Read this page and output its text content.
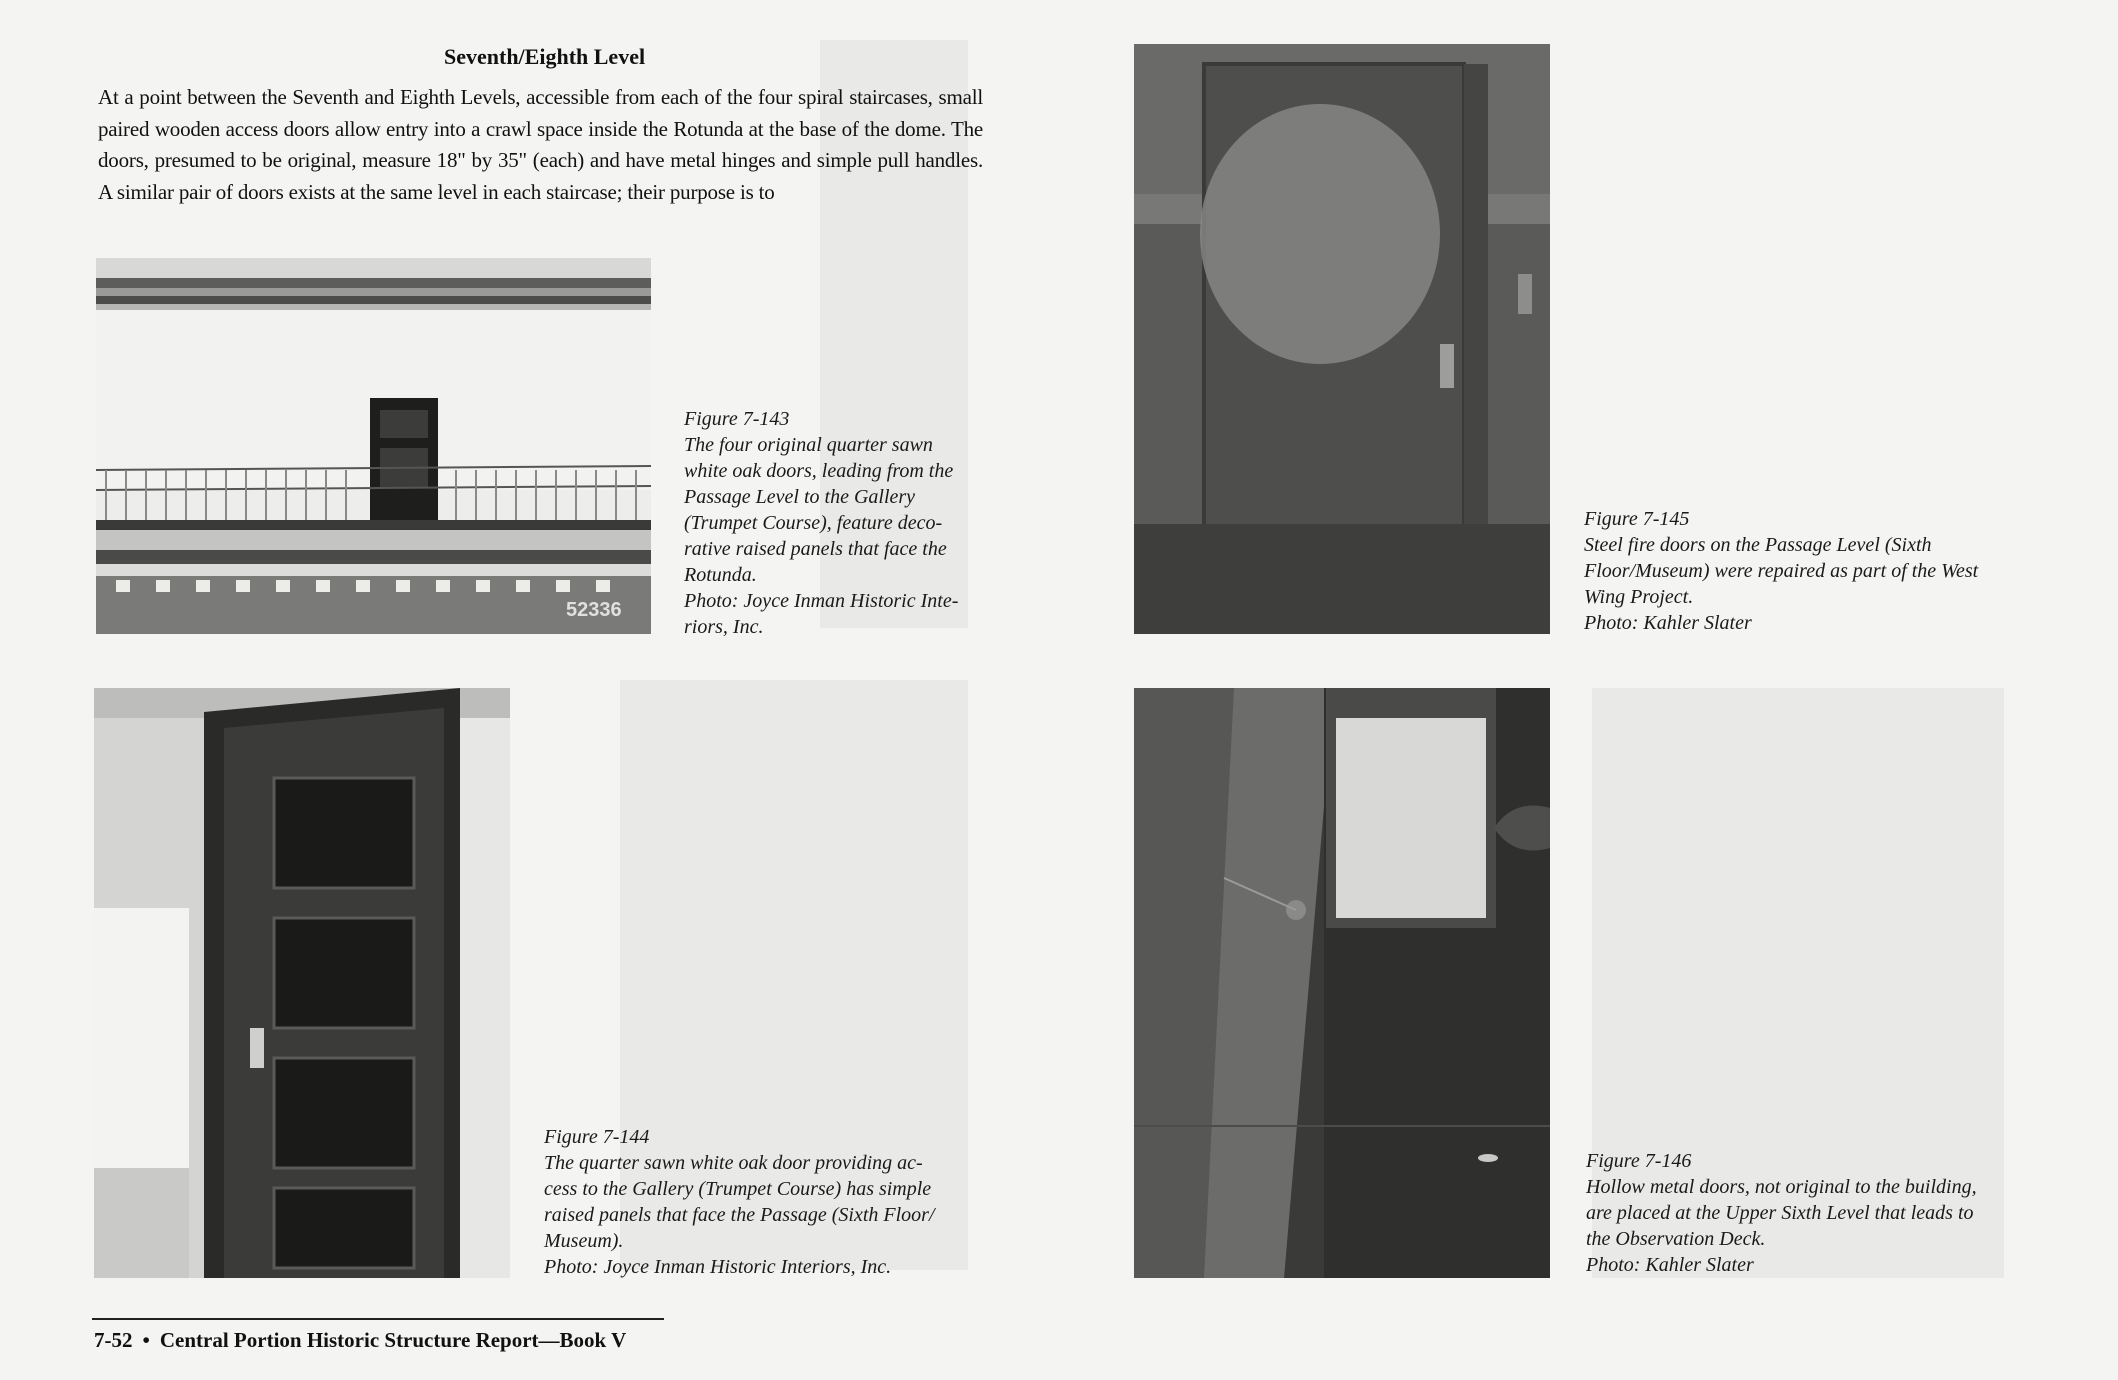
Seventh/Eighth Level
At a point between the Seventh and Eighth Levels, accessible from each of the four spiral staircases, small paired wooden access doors allow entry into a crawl space inside the Rotunda at the base of the dome. The doors, presumed to be original, measure 18" by 35" (each) and have metal hinges and simple pull handles. A similar pair of doors exists at the same level in each staircase; their purpose is to
52336
Figure 7-143
The four original quarter sawn
white oak doors, leading from the
Passage Level to the Gallery
(Trumpet Course), feature deco-
rative raised panels that face the
Rotunda.
Photo: Joyce Inman Historic Inte-
riors, Inc.
Figure 7-144
The quarter sawn white oak door providing ac-
cess to the Gallery (Trumpet Course) has simple
raised panels that face the Passage (Sixth Floor/
Museum).
Photo: Joyce Inman Historic Interiors, Inc.
Figure 7-145
Steel fire doors on the Passage Level (Sixth
Floor/Museum) were repaired as part of the West
Wing Project.
Photo: Kahler Slater
Figure 7-146
Hollow metal doors, not original to the building,
are placed at the Upper Sixth Level that leads to
the Observation Deck.
Photo: Kahler Slater
7-52 • Central Portion Historic Structure Report—Book V
